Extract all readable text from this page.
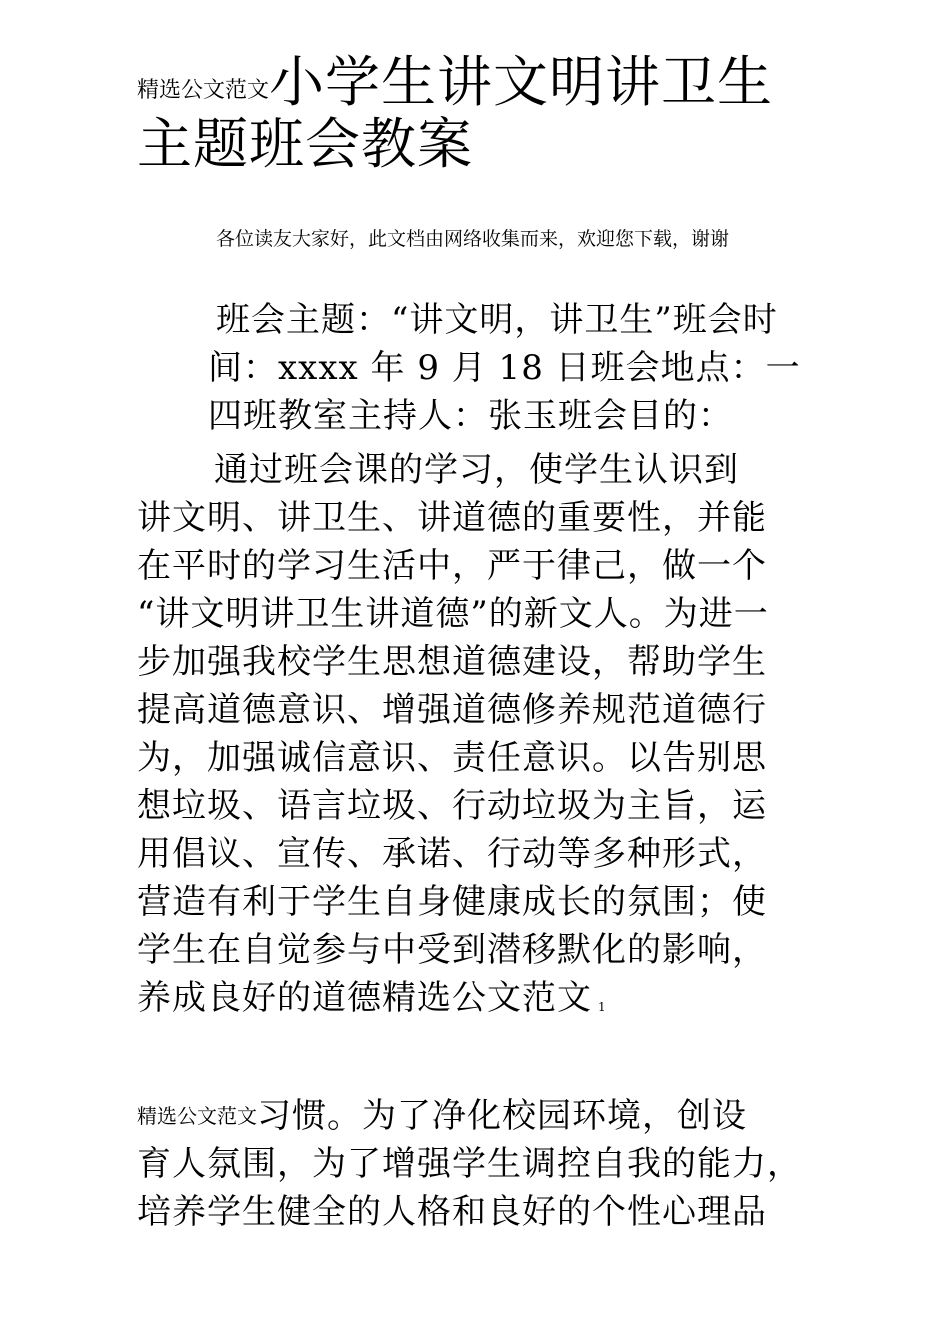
精选公文范文小学生讲文明讲卫生
主题班会教案
各位读友大家好，此文档由网络收集而来，欢迎您下载，谢谢
班会主题：“讲文明，讲卫生”班会时
间：xxxx 年 9 月 18 日班会地点：一
四班教室主持人：张玉班会目的：
通过班会课的学习，使学生认识到
讲文明、讲卫生、讲道德的重要性，并能
在平时的学习生活中，严于律己，做一个
“讲文明讲卫生讲道德”的新文人。为进一
步加强我校学生思想道德建设，帮助学生
提高道德意识、增强道德修养规范道德行
为，加强诚信意识、责任意识。以告别思
想垃圾、语言垃圾、行动垃圾为主旨，运
用倡议、宣传、承诺、行动等多种形式，
营造有利于学生自身健康成长的氛围；使
学生在自觉参与中受到潜移默化的影响，
养成良好的道德精选公文范文 1
精选公文范文习惯。为了净化校园环境，创设
育人氛围，为了增强学生调控自我的能力，
培养学生健全的人格和良好的个性心理品
